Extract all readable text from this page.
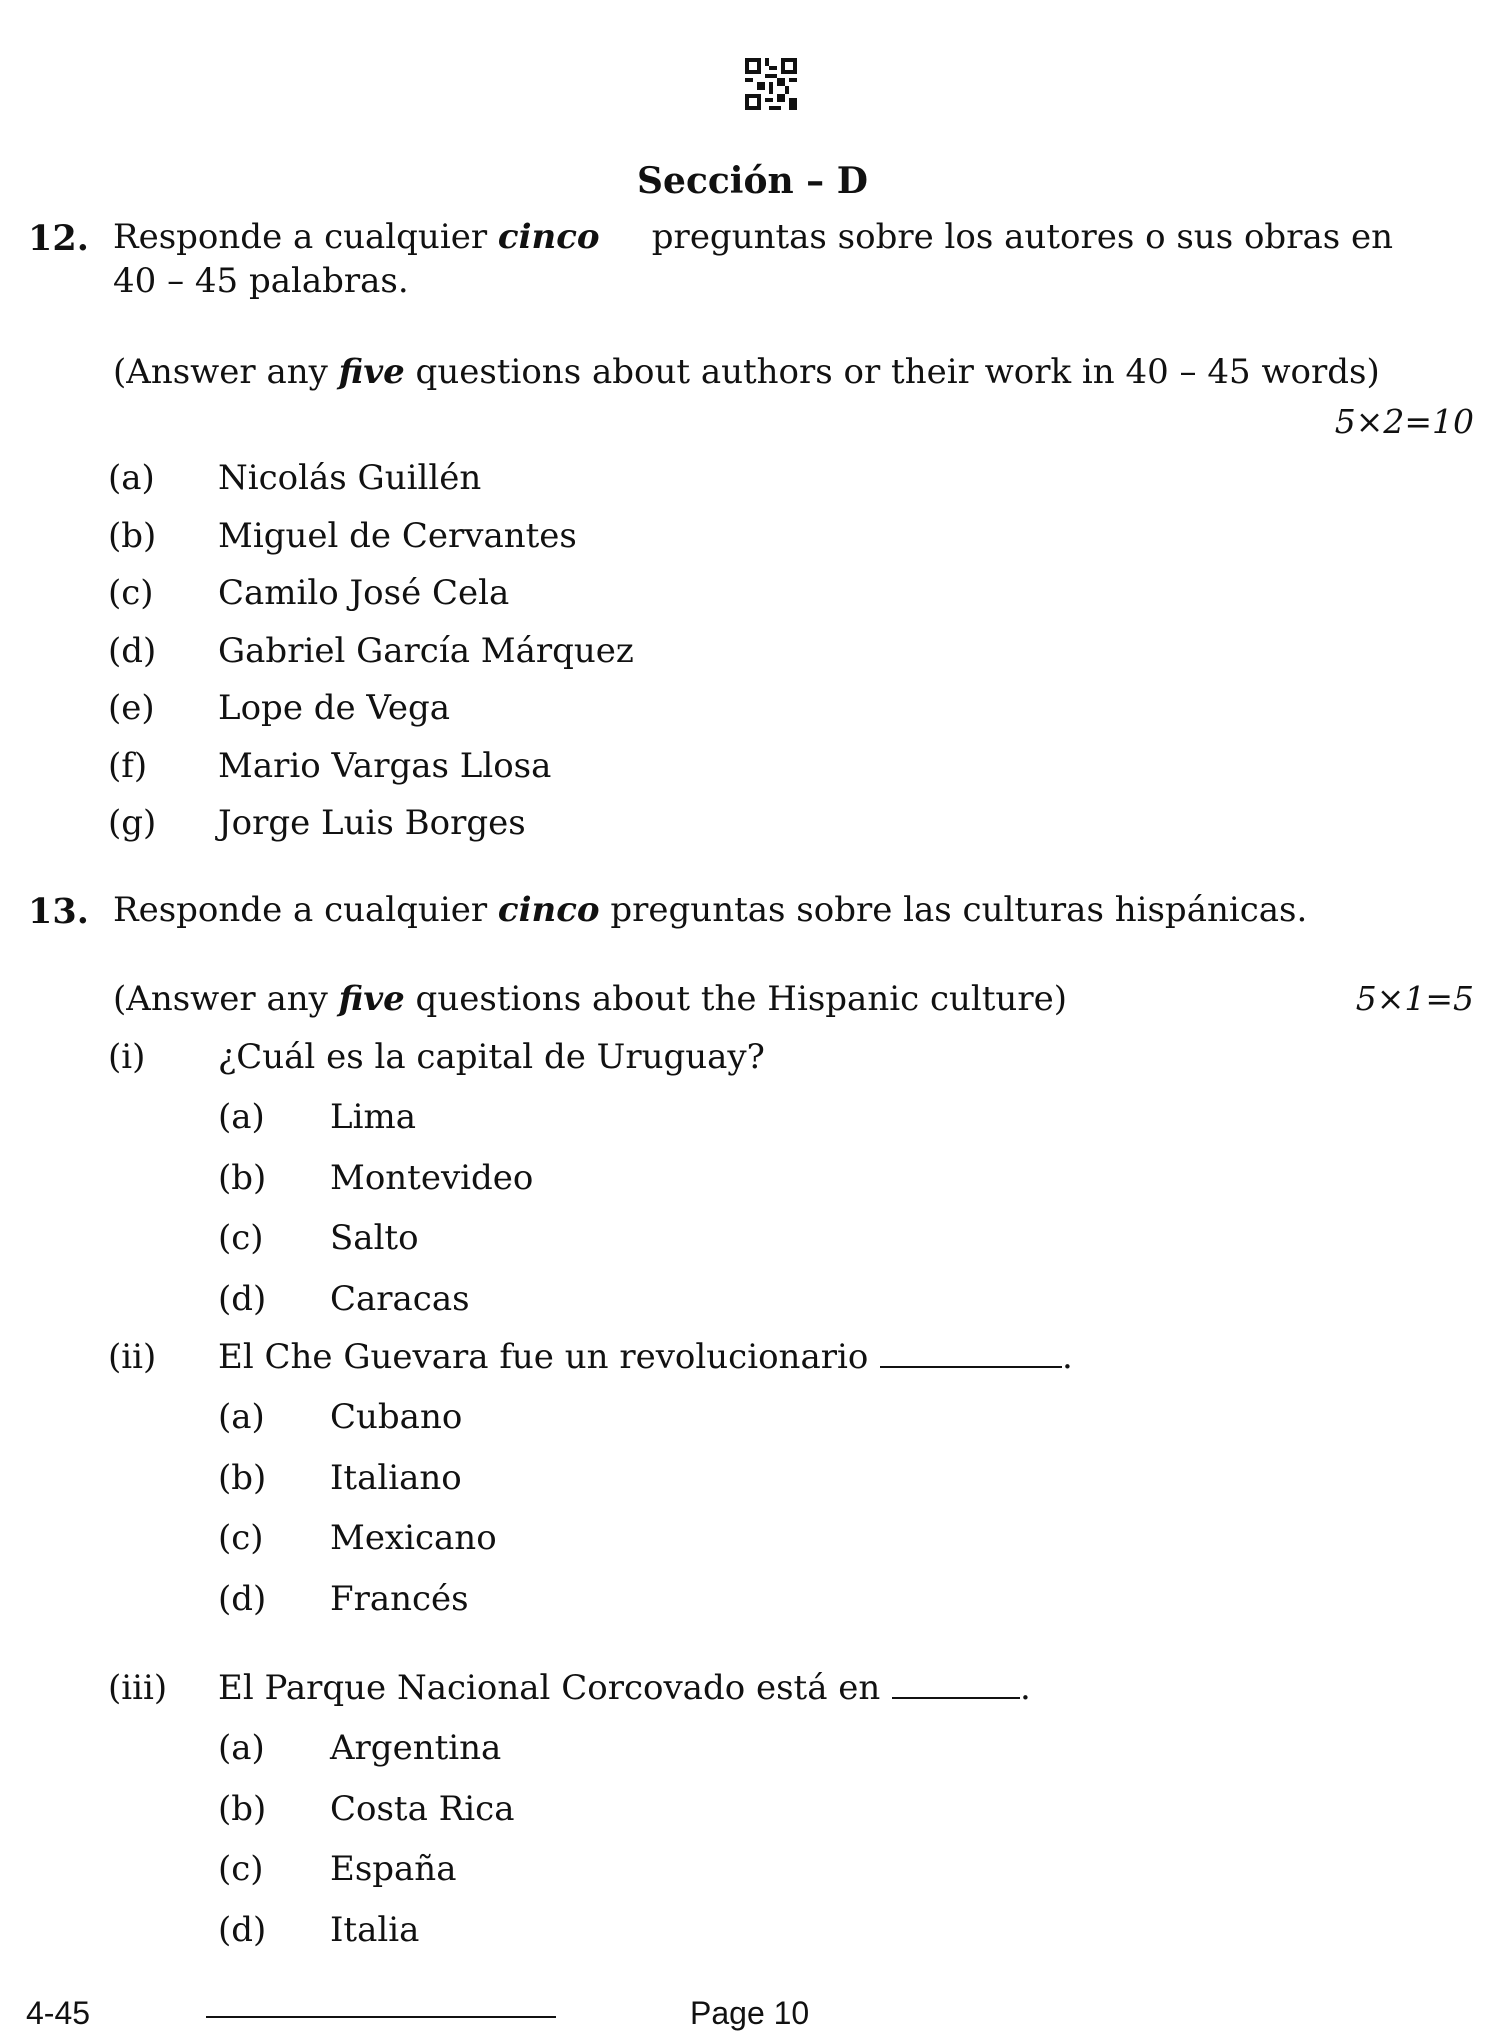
Sección – D
12. Responde a cualquier cinco preguntas sobre los autores o sus obras en
40 – 45 palabras.
(Answer any five questions about authors or their work in 40 – 45 words)
5×2=10
(a) Nicolás Guillén
(b) Miguel de Cervantes
(c) Camilo José Cela
(d) Gabriel García Márquez
(e) Lope de Vega
(f) Mario Vargas Llosa
(g) Jorge Luis Borges
13. Responde a cualquier cinco preguntas sobre las culturas hispánicas.
(Answer any five questions about the Hispanic culture)	5×1=5
(i) ¿Cuál es la capital de Uruguay?
(a) Lima
(b) Montevideo
(c) Salto
(d) Caracas
(ii) El Che Guevara fue un revolucionario	.
(a) Cubano
(b) Italiano
(c) Mexicano
(d) Francés
(iii) El Parque Nacional Corcovado está en	.
(a) Argentina
(b) Costa Rica
(c) España
(d) Italia
4-45	Page 10
